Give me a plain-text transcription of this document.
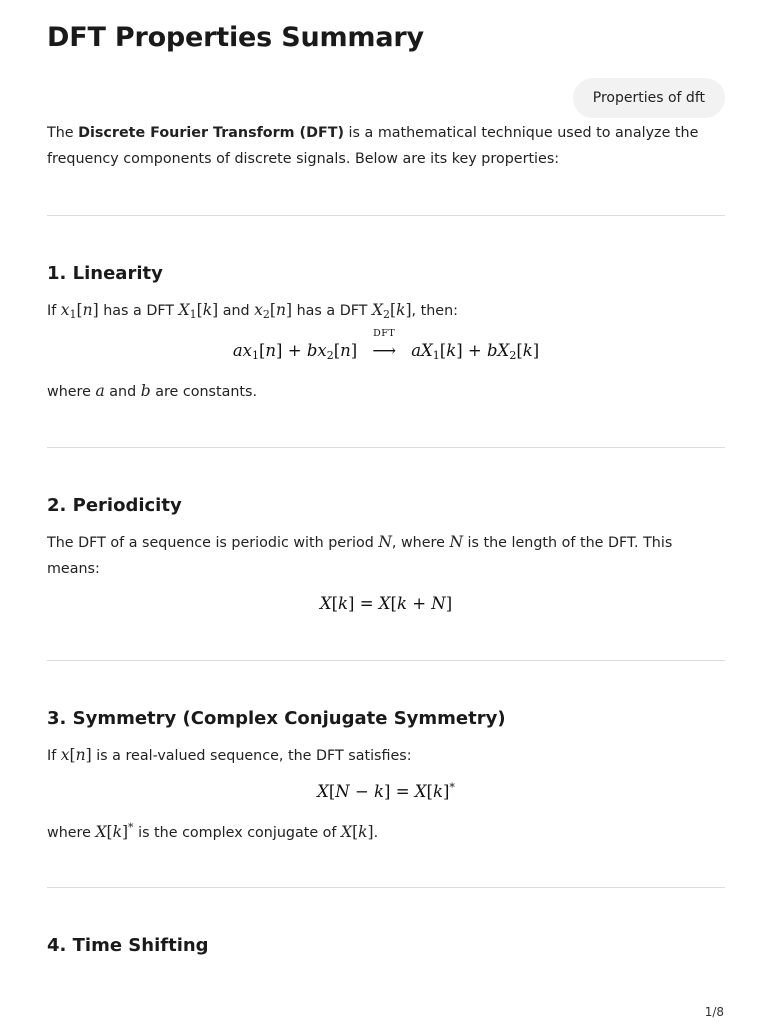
DFT Properties Summary
Properties of dft

The Discrete Fourier Transform (DFT) is a mathematical technique used to analyze the
frequency components of discrete signals. Below are its key properties:

1. Linearity

If $x_1[n]$ has a DFT $X_1[k]$ and $x_2[n]$ has a DFT $X_2[k]$, then:

$ax_1[n] + bx_2[n]$
DFT
⟶ $aX_1[k] + bX_2[k]$

where a and b are constants.

2. Periodicity

The DFT of a sequence is periodic with period N, where N is the length of the DFT. This
means:

X[k] = X[k + N]
3. Symmetry (Complex Conjugate Symmetry)

If x[n] is a real-valued sequence, the DFT satisfies:

X[N − k] = X[k]*

where X[k]* is the complex conjugate of X[k].

4. Time Shifting
1/8
